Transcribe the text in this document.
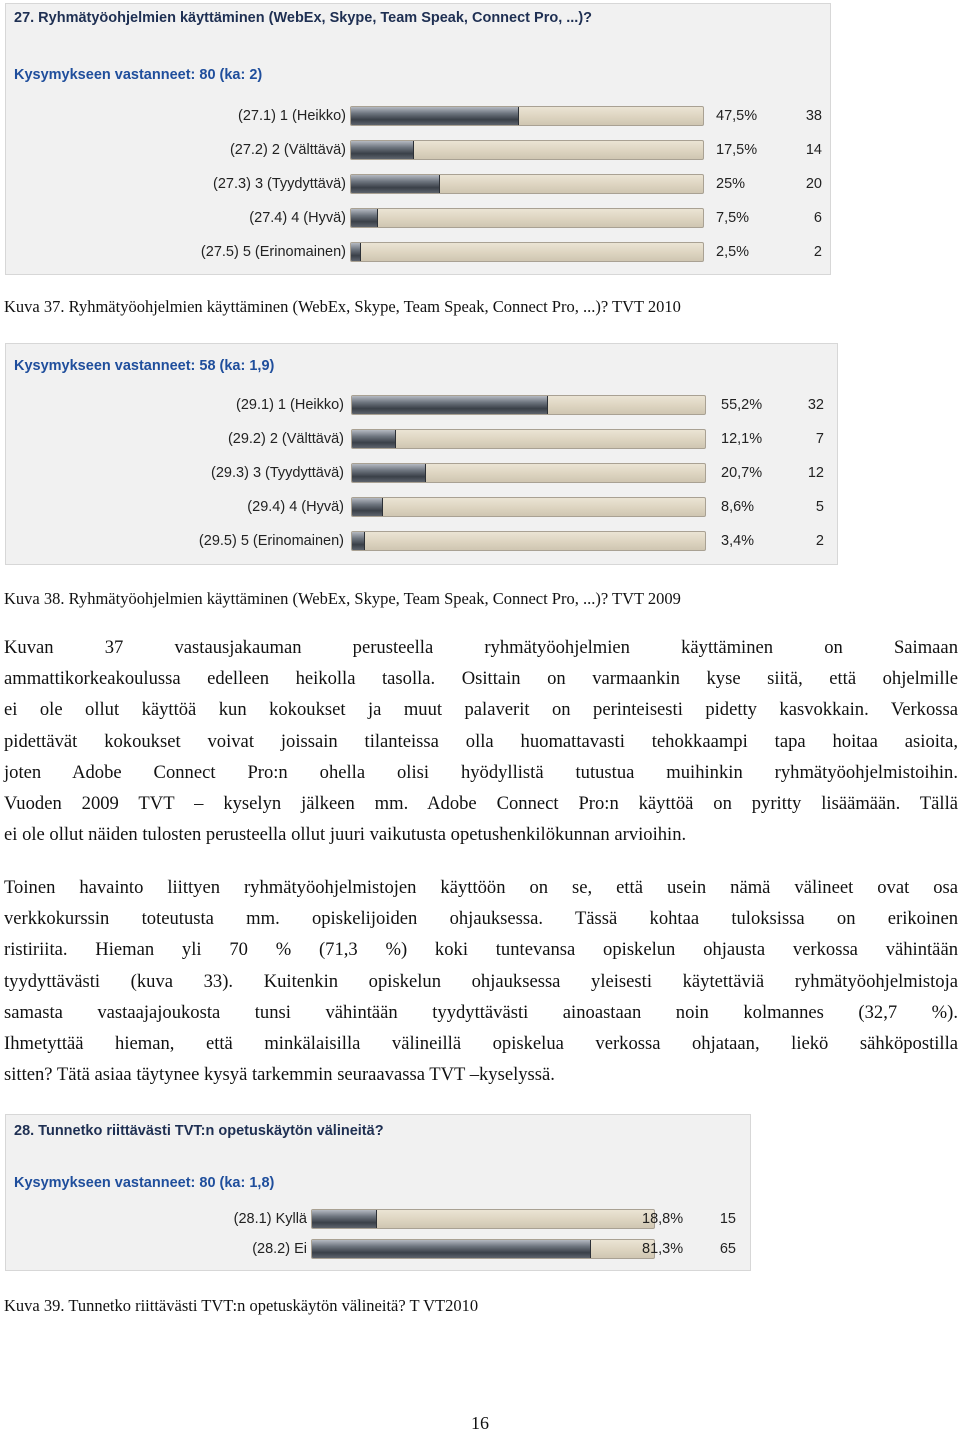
27. Ryhmätyöohjelmien käyttäminen (WebEx, Skype, Team Speak, Connect Pro, ...)?
Kysymykseen vastanneet: 80 (ka: 2)
(27.1) 1 (Heikko)	47,5%	38
(27.2) 2 (Välttävä)	17,5%	14
(27.3) 3 (Tyydyttävä)	25%	20
(27.4) 4 (Hyvä)	7,5%	6
(27.5) 5 (Erinomainen)	2,5%	2
Kuva 37. Ryhmätyöohjelmien käyttäminen (WebEx, Skype, Team Speak, Connect Pro, ...)? TVT 2010
Kysymykseen vastanneet: 58 (ka: 1,9)
(29.1) 1 (Heikko)	55,2%	32
(29.2) 2 (Välttävä)	12,1%	7
(29.3) 3 (Tyydyttävä)	20,7%	12
(29.4) 4 (Hyvä)	8,6%	5
(29.5) 5 (Erinomainen)	3,4%	2
Kuva 38. Ryhmätyöohjelmien käyttäminen (WebEx, Skype, Team Speak, Connect Pro, ...)? TVT 2009
Kuvan 37 vastausjakauman perusteella ryhmätyöohjelmien käyttäminen on Saimaan
ammattikorkeakoulussa edelleen heikolla tasolla. Osittain on varmaankin kyse siitä, että ohjelmille
ei ole ollut käyttöä kun kokoukset ja muut palaverit on perinteisesti pidetty kasvokkain. Verkossa
pidettävät kokoukset voivat joissain tilanteissa olla huomattavasti tehokkaampi tapa hoitaa asioita,
joten Adobe Connect Pro:n ohella olisi hyödyllistä tutustua muihinkin ryhmätyöohjelmistoihin.
Vuoden 2009 TVT – kyselyn jälkeen mm. Adobe Connect Pro:n käyttöä on pyritty lisäämään. Tällä
ei ole ollut näiden tulosten perusteella ollut juuri vaikutusta opetushenkilökunnan arvioihin.
Toinen havainto liittyen ryhmätyöohjelmistojen käyttöön on se, että usein nämä välineet ovat osa
verkkokurssin toteutusta mm. opiskelijoiden ohjauksessa. Tässä kohtaa tuloksissa on erikoinen
ristiriita. Hieman yli 70 % (71,3 %) koki tuntevansa opiskelun ohjausta verkossa vähintään
tyydyttävästi (kuva 33). Kuitenkin opiskelun ohjauksessa yleisesti käytettäviä ryhmätyöohjelmistoja
samasta vastaajajoukosta tunsi vähintään tyydyttävästi ainoastaan noin kolmannes (32,7 %).
Ihmetyttää hieman, että minkälaisilla välineillä opiskelua verkossa ohjataan, liekö sähköpostilla
sitten? Tätä asiaa täytynee kysyä tarkemmin seuraavassa TVT –kyselyssä.
28. Tunnetko riittävästi TVT:n opetuskäytön välineitä?
Kysymykseen vastanneet: 80 (ka: 1,8)
(28.1) Kyllä	18,8%	15
(28.2) Ei	81,3%	65
Kuva 39. Tunnetko riittävästi TVT:n opetuskäytön välineitä? T VT2010
16
